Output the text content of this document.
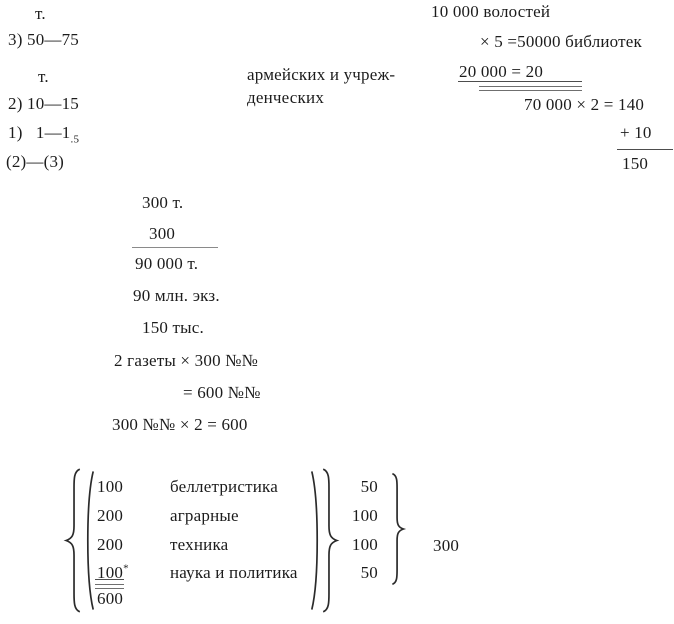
т.
3) 50—75
т.
2) 10—15
1)   $1—1_{.5}$
(2)—(3)
армейских и учреж-
денческих
10 000 волостей
× 5 =50000 библиотек
20 000 = 20
70 000 × 2 = 140
+ 10
150
300 т.
300
90 000 т.
90 млн. экз.
150 тыс.
2 газеты × 300 №№
= 600 №№
300 №№ × 2 = 600
100	беллетристика	50
200	аграрные	100
200	техника	100
100* наука и политика	50
600
300
